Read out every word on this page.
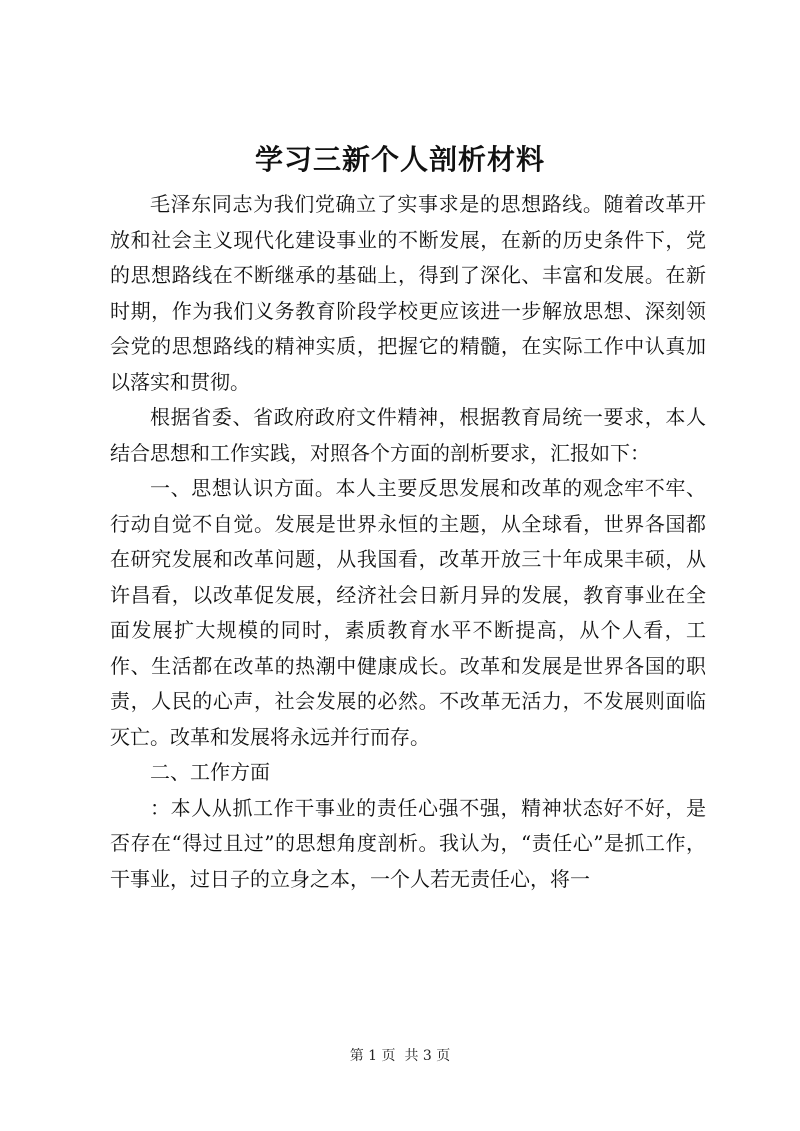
学习三新个人剖析材料

毛泽东同志为我们党确立了实事求是的思想路线。随着改革开放和社会主义现代化建设事业的不断发展，在新的历史条件下，党的思想路线在不断继承的基础上，得到了深化、丰富和发展。在新时期，作为我们义务教育阶段学校更应该进一步解放思想、深刻领会党的思想路线的精神实质，把握它的精髓，在实际工作中认真加以落实和贯彻。

根据省委、省政府政府文件精神，根据教育局统一要求，本人结合思想和工作实践，对照各个方面的剖析要求，汇报如下：

一、思想认识方面。本人主要反思发展和改革的观念牢不牢、行动自觉不自觉。发展是世界永恒的主题，从全球看，世界各国都在研究发展和改革问题，从我国看，改革开放三十年成果丰硕，从许昌看，以改革促发展，经济社会日新月异的发展，教育事业在全面发展扩大规模的同时，素质教育水平不断提高，从个人看，工作、生活都在改革的热潮中健康成长。改革和发展是世界各国的职责，人民的心声，社会发展的必然。不改革无活力，不发展则面临灭亡。改革和发展将永远并行而存。

二、工作方面

：本人从抓工作干事业的责任心强不强，精神状态好不好，是否存在“得过且过”的思想角度剖析。我认为，“责任心”是抓工作，干事业，过日子的立身之本，一个人若无责任心，将一

第 1 页  共 3 页
